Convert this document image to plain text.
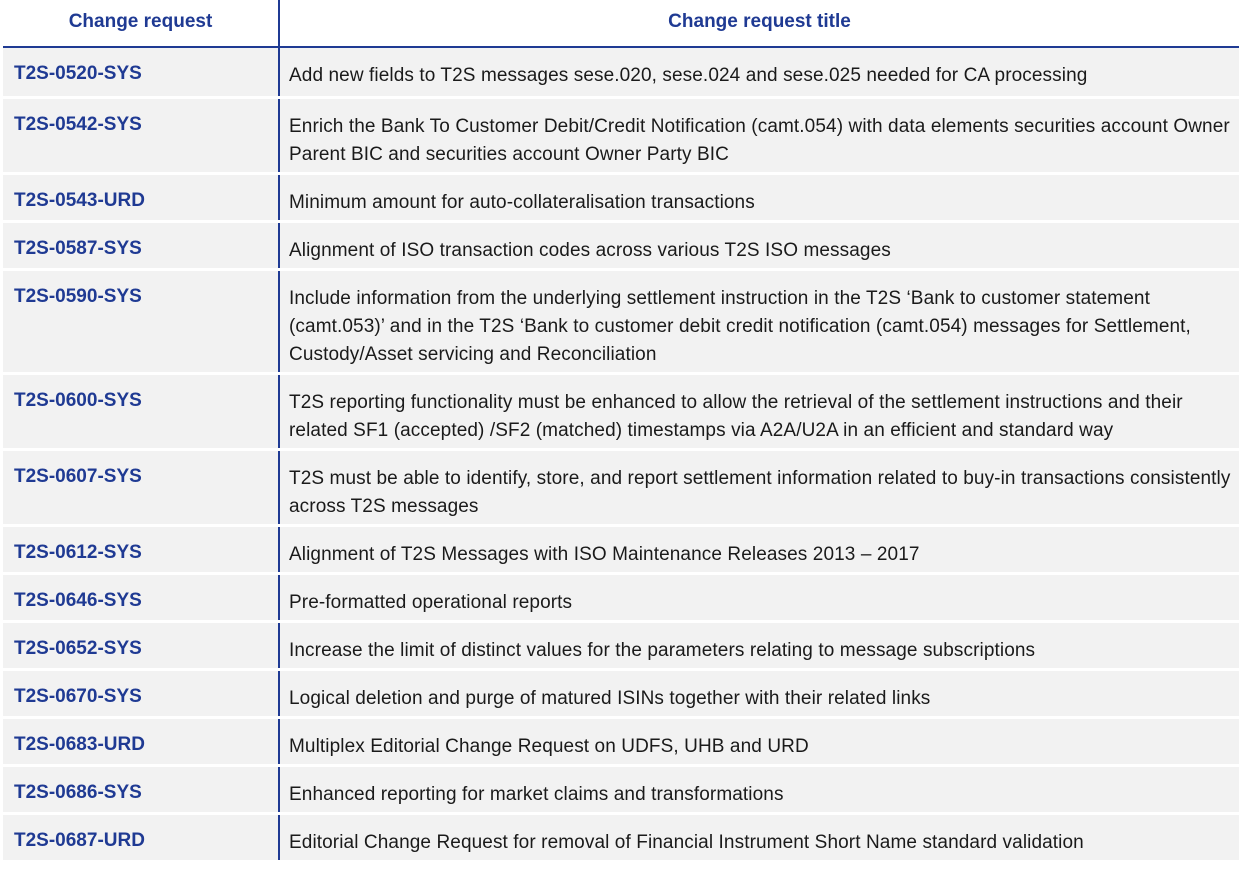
Change request	Change request title
T2S-0520-SYS	Add new fields to T2S messages sese.020, sese.024 and sese.025 needed for CA processing
T2S-0542-SYS	Enrich the Bank To Customer Debit/Credit Notification (camt.054) with data elements securities account Owner Parent BIC and securities account Owner Party BIC
T2S-0543-URD	Minimum amount for auto-collateralisation transactions
T2S-0587-SYS	Alignment of ISO transaction codes across various T2S ISO messages
T2S-0590-SYS	Include information from the underlying settlement instruction in the T2S ‘Bank to customer statement (camt.053)’ and in the T2S ‘Bank to customer debit credit notification (camt.054) messages for Settlement, Custody/Asset servicing and Reconciliation
T2S-0600-SYS	T2S reporting functionality must be enhanced to allow the retrieval of the settlement instructions and their related SF1 (accepted) /SF2 (matched) timestamps via A2A/U2A in an efficient and standard way
T2S-0607-SYS	T2S must be able to identify, store, and report settlement information related to buy-in transactions consistently across T2S messages
T2S-0612-SYS	Alignment of T2S Messages with ISO Maintenance Releases 2013 – 2017
T2S-0646-SYS	Pre-formatted operational reports
T2S-0652-SYS	Increase the limit of distinct values for the parameters relating to message subscriptions
T2S-0670-SYS	Logical deletion and purge of matured ISINs together with their related links
T2S-0683-URD	Multiplex Editorial Change Request on UDFS, UHB and URD
T2S-0686-SYS	Enhanced reporting for market claims and transformations
T2S-0687-URD	Editorial Change Request for removal of Financial Instrument Short Name standard validation
